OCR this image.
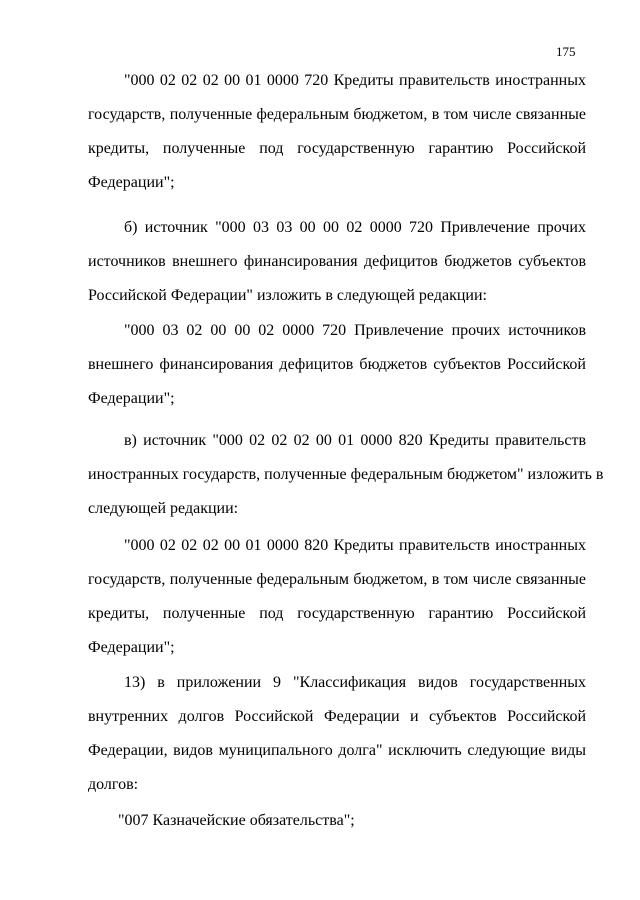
175
"000 02 02 02 00 01 0000 720 Кредиты правительств иностранных
государств, полученные федеральным бюджетом, в том числе связанные
кредиты, полученные под государственную гарантию Российской
Федерации";
б) источник "000 03 03 00 00 02 0000 720 Привлечение прочих
источников внешнего финансирования дефицитов бюджетов субъектов
Российской Федерации" изложить в следующей редакции:
"000 03 02 00 00 02 0000 720 Привлечение прочих источников
внешнего финансирования дефицитов бюджетов субъектов Российской
Федерации";
в) источник "000 02 02 02 00 01 0000 820 Кредиты правительств
иностранных государств, полученные федеральным бюджетом" изложить в
следующей редакции:
"000 02 02 02 00 01 0000 820 Кредиты правительств иностранных
государств, полученные федеральным бюджетом, в том числе связанные
кредиты, полученные под государственную гарантию Российской
Федерации";
13) в приложении 9 "Классификация видов государственных
внутренних долгов Российской Федерации и субъектов Российской
Федерации, видов муниципального долга" исключить следующие виды
долгов:
"007 Казначейские обязательства";
